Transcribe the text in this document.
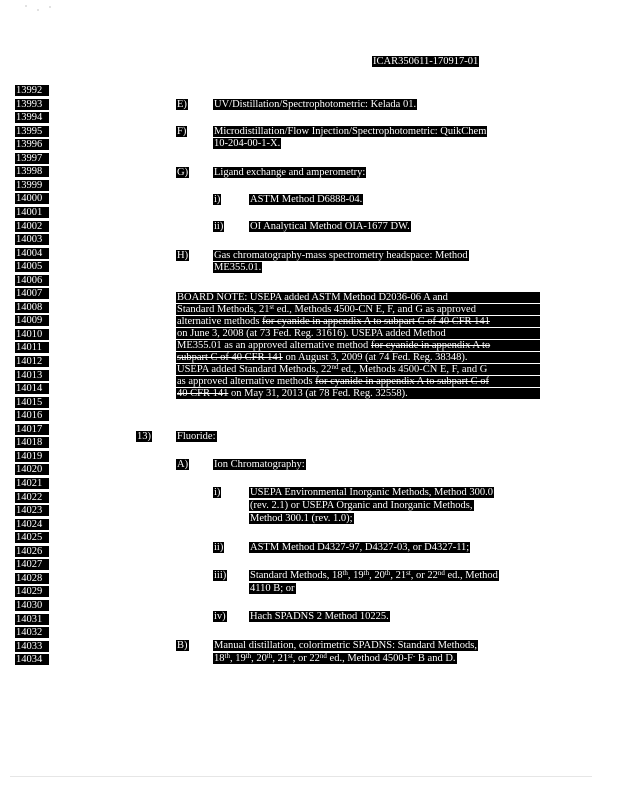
ICAR350611-170917-01
13992
13993
13994
13995
13996
13997
13998
13999
14000
14001
14002
14003
14004
14005
14006
14007
14008
14009
14010
14011
14012
14013
14014
14015
14016
14017
14018
14019
14020
14021
14022
14023
14024
14025
14026
14027
14028
14029
14030
14031
14032
14033
14034
E)	UV/Distillation/Spectrophotometric: Kelada 01.
F)	Microdistillation/Flow Injection/Spectrophotometric: QuikChem
10-204-00-1-X.
G) Ligand exchange and amperometry:
i)	ASTM Method D6888-04.
ii)	OI Analytical Method OIA-1677 DW.
H) Gas chromatography-mass spectrometry headspace: Method
ME355.01.
BOARD NOTE: USEPA added ASTM Method D2036-06 A and
Standard Methods, 21st ed., Methods 4500-CN E, F, and G as approved
alternative methods for cyanide in appendix A to subpart C of 40 CFR 141
on June 3, 2008 (at 73 Fed. Reg. 31616). USEPA added Method
ME355.01 as an approved alternative method for cyanide in appendix A to
subpart C of 40 CFR 141 on August 3, 2009 (at 74 Fed. Reg. 38348).
USEPA added Standard Methods, 22nd ed., Methods 4500-CN E, F, and G
as approved alternative methods for cyanide in appendix A to subpart C of
40 CFR 141 on May 31, 2013 (at 78 Fed. Reg. 32558).
13) Fluoride:
A) Ion Chromatography:
i)	USEPA Environmental Inorganic Methods, Method 300.0
(rev. 2.1) or USEPA Organic and Inorganic Methods,
Method 300.1 (rev. 1.0);
ii)	ASTM Method D4327-97, D4327-03, or D4327-11;
iii) Standard Methods, 18th, 19th, 20th, 21st, or 22nd ed., Method
4110 B; or
iv) Hach SPADNS 2 Method 10225.
B)	Manual distillation, colorimetric SPADNS: Standard Methods,
18th, 19th, 20th, 21st, or 22nd ed., Method 4500-F- B and D.
